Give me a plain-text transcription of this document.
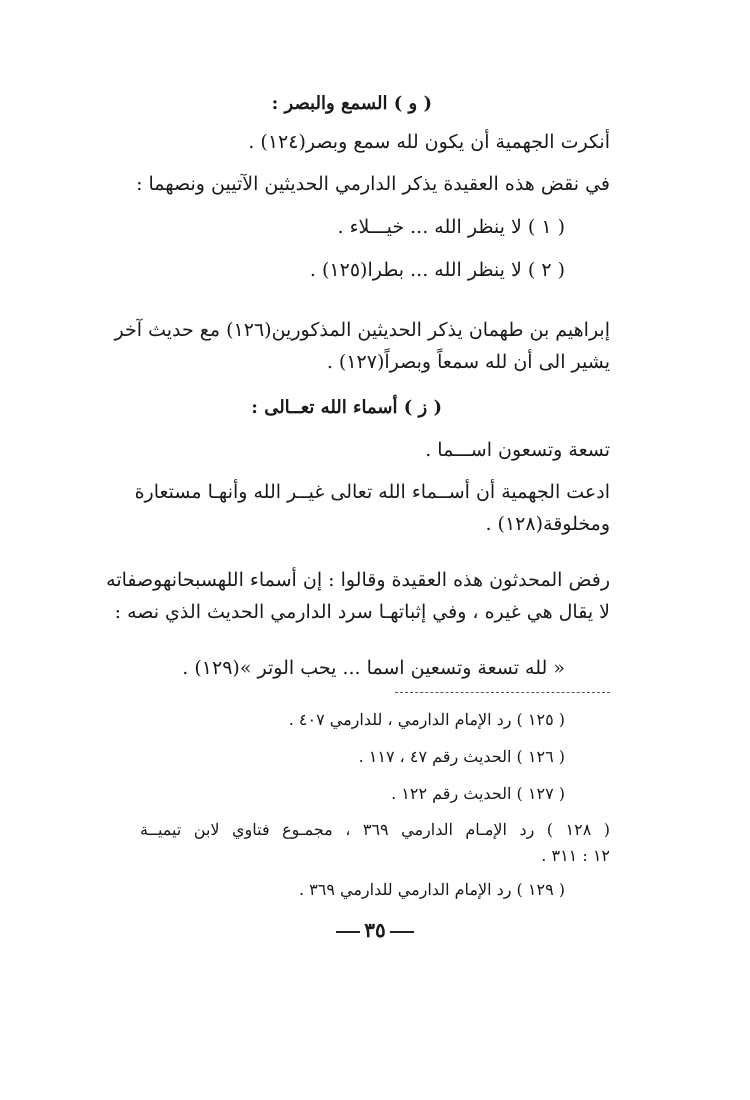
( و ) السمع والبصر :
أنكرت الجهمية أن يكون لله سمع وبصر(١٢٤) .
في نقض هذه العقيدة يذكر الدارمي الحديثين الآتيين ونصهما :
( ١ ) لا ينظر الله ... خيـــلاء .
( ٢ ) لا ينظر الله ... بطرا(١٢٥) .
إبراهيم بن طهمان يذكر الحديثين المذكورين(١٢٦) مع حديث آخر
يشير الى أن لله سمعاً وبصراً(١٢٧) .
( ز ) أسماء الله تعــالى :
تسعة وتسعون اســـما .
ادعت الجهمية أن أســماء الله تعالى غيــر الله وأنهـا مستعارة
ومخلوقة(١٢٨) .
رفض المحدثون هذه العقيدة وقالوا : إن أسماء اللهسبحانهوصفاته
لا يقال هي غيره ، وفي إثباتهـا سرد الدارمي الحديث الذي نصه :
« لله تسعة وتسعين اسما ... يحب الوتر »(١٢٩) .
( ١٢٥ ) رد الإمام الدارمي ، للدارمي ٤٠٧ .
( ١٢٦ ) الحديث رقم ٤٧ ، ١١٧ .
( ١٢٧ ) الحديث رقم ١٢٢ .
( ١٢٨ ) رد الإمـام الدارمي ٣٦٩ ، مجمـوع فتاوي لابن تيميــة
١٢ : ٣١١ .
( ١٢٩ ) رد الإمام الدارمي للدارمي ٣٦٩ .
٣٥
